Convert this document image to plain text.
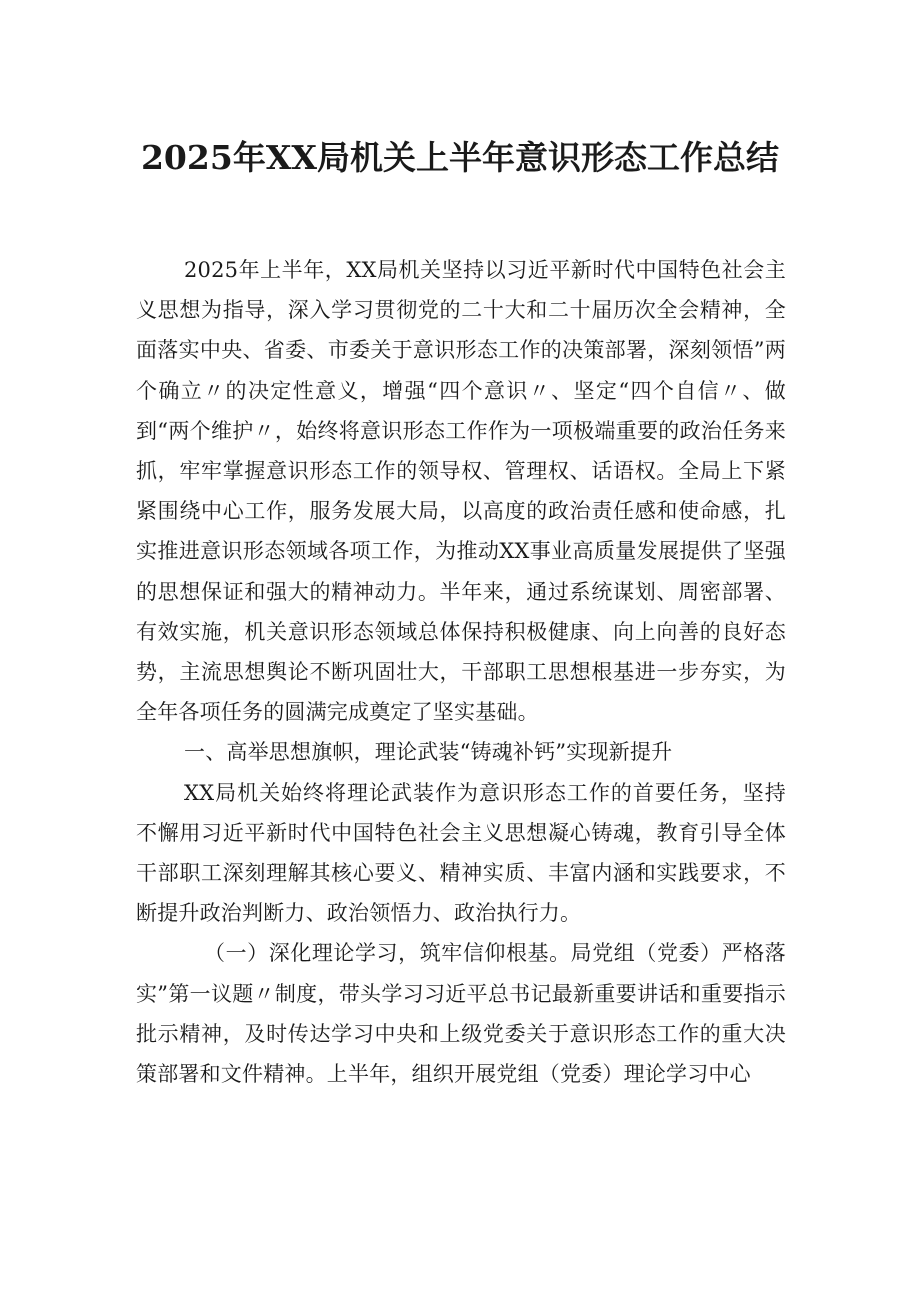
2025年XX局机关上半年意识形态工作总结

2025年上半年，XX局机关坚持以习近平新时代中国特色社会主义思想为指导，深入学习贯彻党的二十大和二十届历次全会精神，全面落实中央、省委、市委关于意识形态工作的决策部署，深刻领悟”两个确立〃的决定性意义，增强“四个意识〃、坚定“四个自信〃、做到“两个维护〃，始终将意识形态工作作为一项极端重要的政治任务来抓，牢牢掌握意识形态工作的领导权、管理权、话语权。全局上下紧紧围绕中心工作，服务发展大局，以高度的政治责任感和使命感，扎实推进意识形态领域各项工作，为推动XX事业高质量发展提供了坚强的思想保证和强大的精神动力。半年来，通过系统谋划、周密部署、有效实施，机关意识形态领域总体保持积极健康、向上向善的良好态势，主流思想舆论不断巩固壮大，干部职工思想根基进一步夯实，为全年各项任务的圆满完成奠定了坚实基础。

一、高举思想旗帜，理论武装“铸魂补钙”实现新提升

XX局机关始终将理论武装作为意识形态工作的首要任务，坚持不懈用习近平新时代中国特色社会主义思想凝心铸魂，教育引导全体干部职工深刻理解其核心要义、精神实质、丰富内涵和实践要求，不断提升政治判断力、政治领悟力、政治执行力。

（一）深化理论学习，筑牢信仰根基。局党组（党委）严格落实”第一议题〃制度，带头学习习近平总书记最新重要讲话和重要指示批示精神，及时传达学习中央和上级党委关于意识形态工作的重大决策部署和文件精神。上半年，组织开展党组（党委）理论学习中心
